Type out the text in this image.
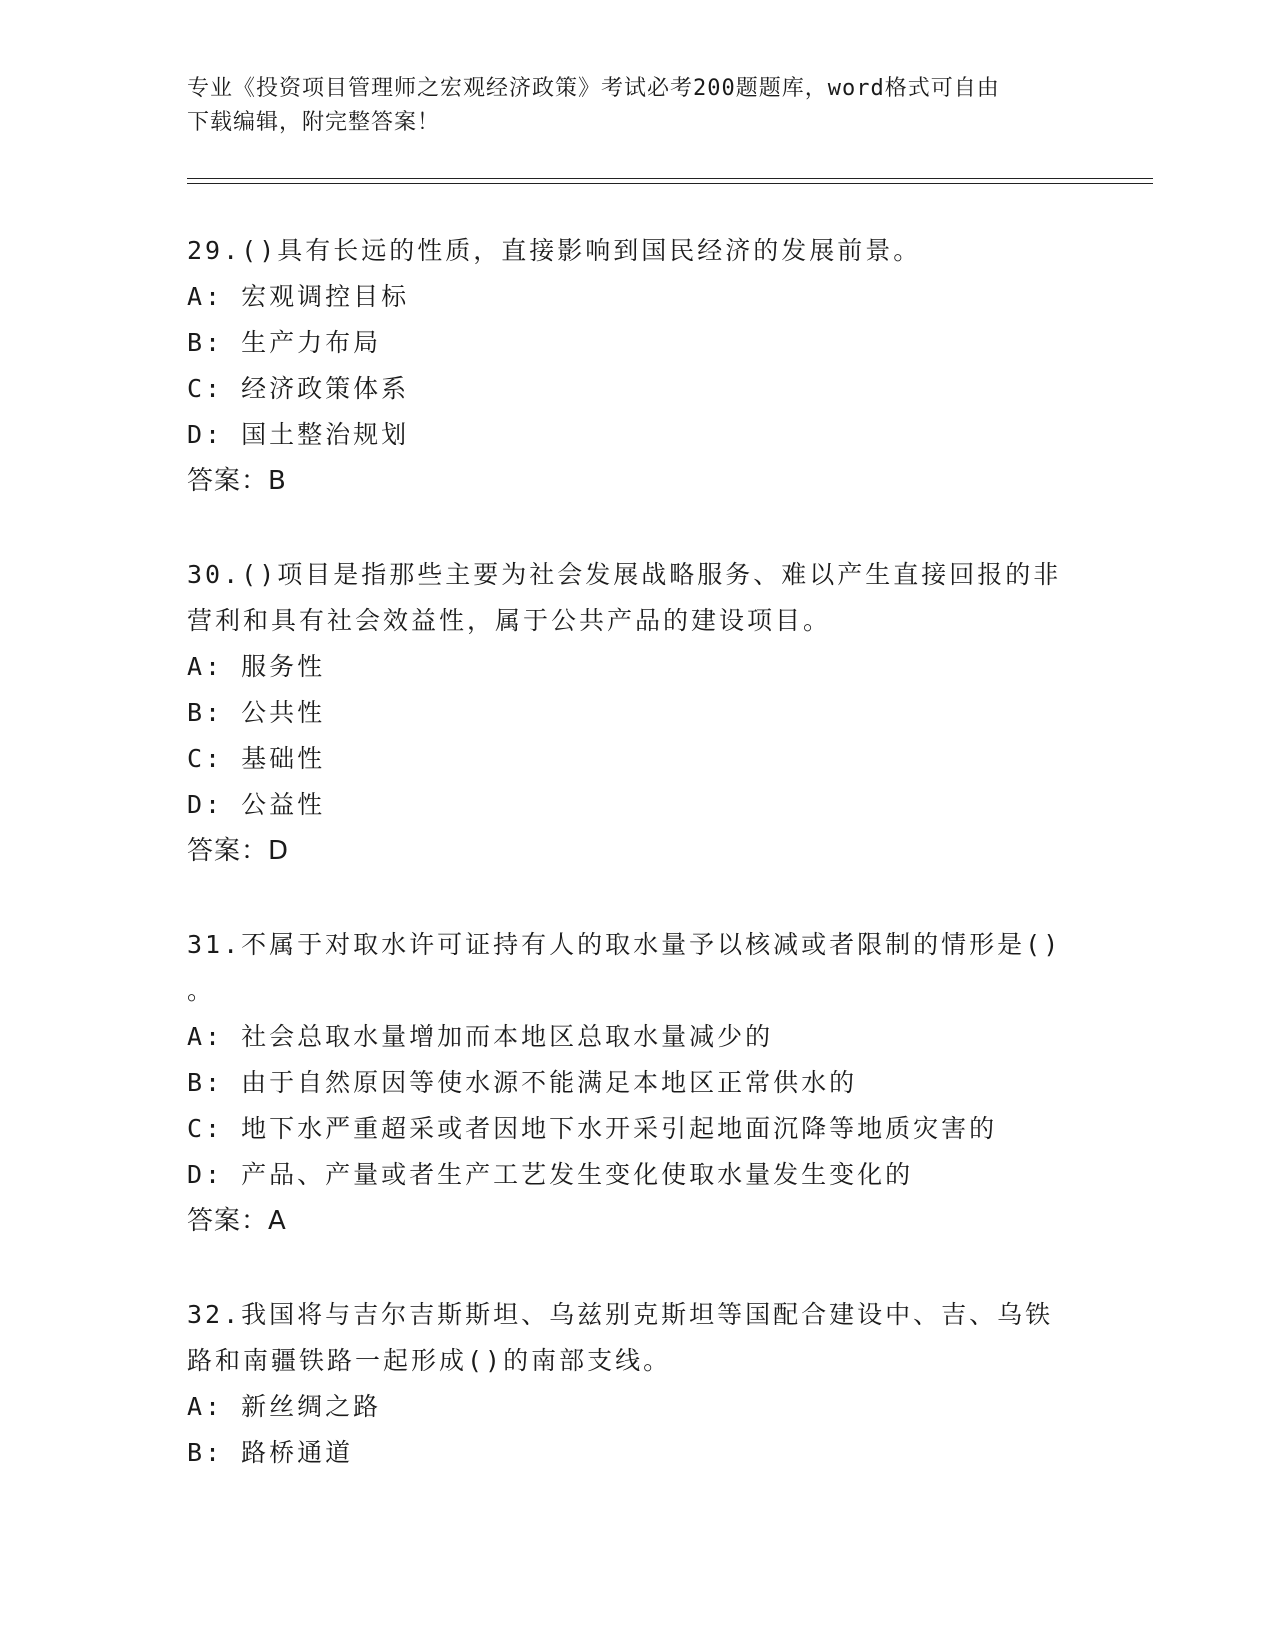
专业《投资项目管理师之宏观经济政策》考试必考200题题库，word格式可自由
下载编辑，附完整答案！
29.()具有长远的性质，直接影响到国民经济的发展前景。
A: 宏观调控目标
B: 生产力布局
C: 经济政策体系
D: 国土整治规划
答案：B
30.()项目是指那些主要为社会发展战略服务、难以产生直接回报的非
营利和具有社会效益性，属于公共产品的建设项目。
A: 服务性
B: 公共性
C: 基础性
D: 公益性
答案：D
31.不属于对取水许可证持有人的取水量予以核减或者限制的情形是()
。
A: 社会总取水量增加而本地区总取水量减少的
B: 由于自然原因等使水源不能满足本地区正常供水的
C: 地下水严重超采或者因地下水开采引起地面沉降等地质灾害的
D: 产品、产量或者生产工艺发生变化使取水量发生变化的
答案：A
32.我国将与吉尔吉斯斯坦、乌兹别克斯坦等国配合建设中、吉、乌铁
路和南疆铁路一起形成()的南部支线。
A: 新丝绸之路
B: 路桥通道
